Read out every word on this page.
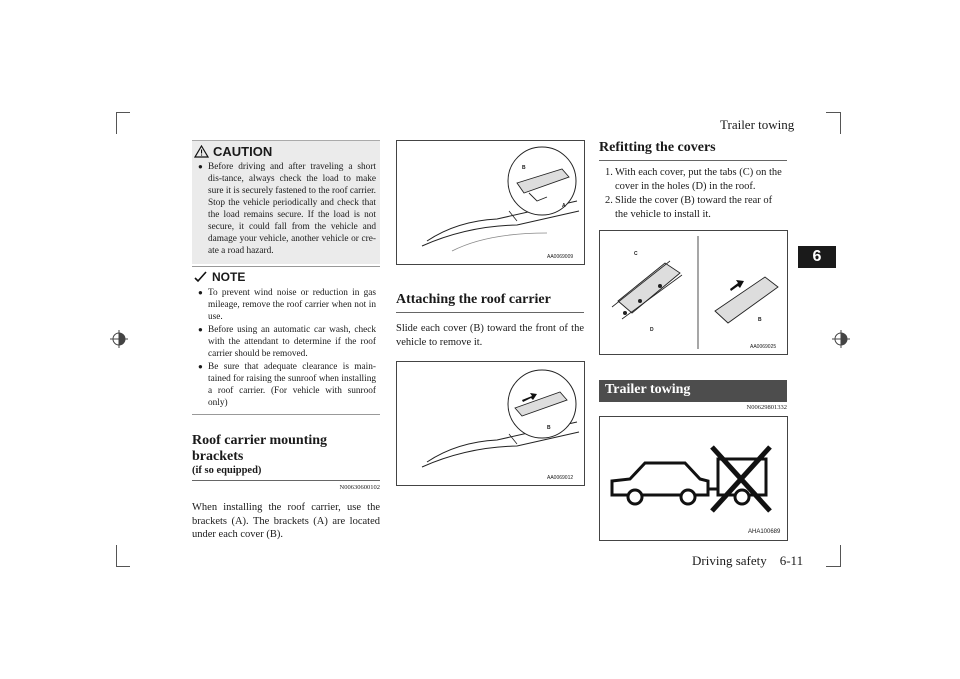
Trailer towing
Driving safety    6-11
6
CAUTION
● Before driving and after traveling a short dis-tance, always check the load to make sure it is securely fastened to the roof carrier. Stop the vehicle periodically and check that the load remains secure. If the load is not secure, it could fall from the vehicle and damage your vehicle, another vehicle or cre-ate a road hazard.
NOTE
● To prevent wind noise or reduction in gas mileage, remove the roof carrier when not in use.
● Before using an automatic car wash, check with the attendant to determine if the roof carrier should be removed.
● Be sure that adequate clearance is main-tained for raising the sunroof when installing a roof carrier. (For vehicle with sunroof only)
Roof carrier mounting brackets
(if so equipped)
N00630600102
When installing the roof carrier, use the brackets (A). The brackets (A) are located under each cover (B).
B
A
AA0069009
Attaching the roof carrier
Slide each cover (B) toward the front of the vehicle to remove it.
B
AA0069012
Refitting the covers
1. With each cover, put the tabs (C) on the cover in the holes (D) in the roof.
2. Slide the cover (B) toward the rear of the vehicle to install it.
C
D
B
AA0069025
Trailer towing
N00629801332
AHA100689
